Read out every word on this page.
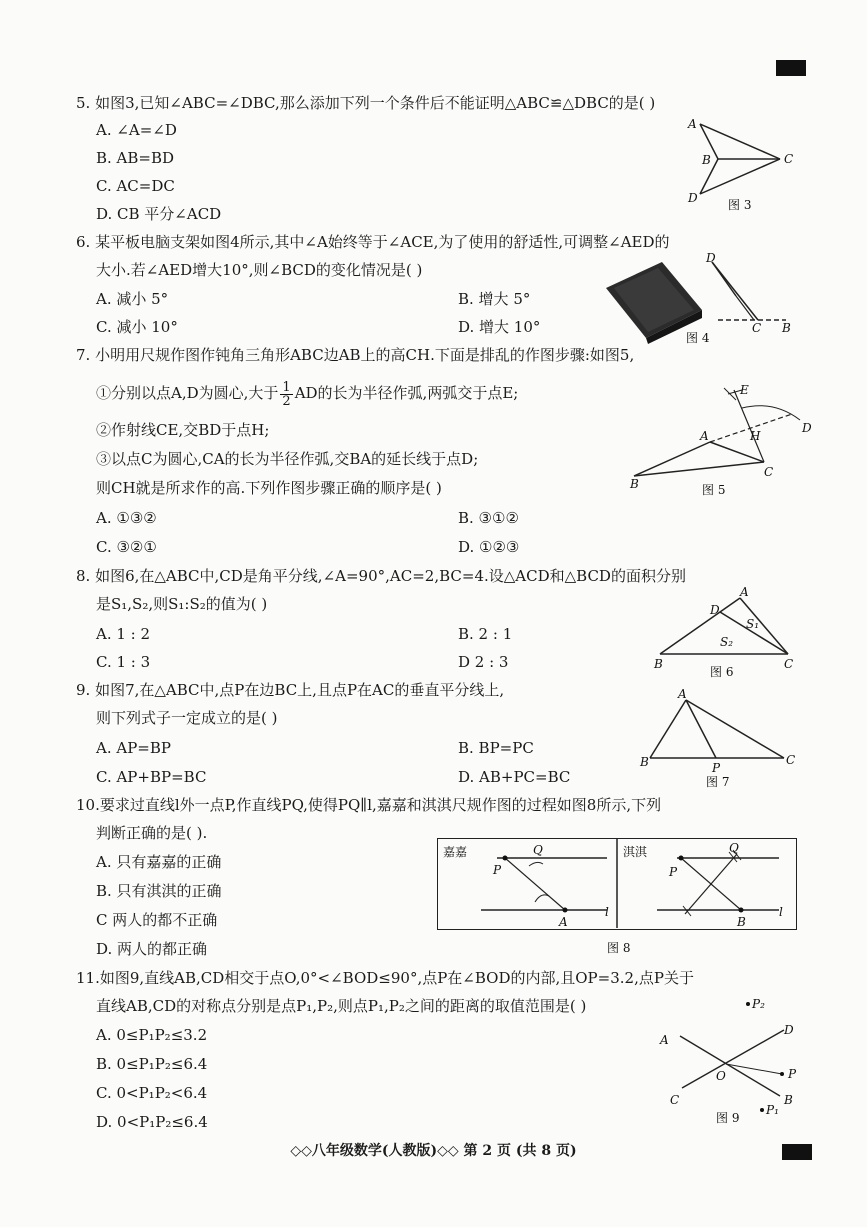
5. 如图3,已知∠ABC=∠DBC,那么添加下列一个条件后不能证明△ABC≌△DBC的是( )
A. ∠A=∠D
B. AB=BD
C. AC=DC
D. CB 平分∠ACD
A
B	C
D	图 3
6. 某平板电脑支架如图4所示,其中∠A始终等于∠ACE,为了使用的舒适性,可调整∠AED的
大小.若∠AED增大10°,则∠BCD的变化情况是( )
A. 减小 5°	B. 增大 5°
C. 减小 10°	D. 增大 10°
D
C B
图 4
7. 小明用尺规作图作钝角三角形ABC边AB上的高CH.下面是排乱的作图步骤:如图5,
①分别以点A,D为圆心,大于 $\frac{1}{2}$ AD的长为半径作弧,两弧交于点E;
②作射线CE,交BD于点H;
③以点C为圆心,CA的长为半径作弧,交BA的延长线于点D;
则CH就是所求作的高.下列作图步骤正确的顺序是( )
A. ①③②	B. ③①②
C. ③②①	D. ①②③
E
A	H
D
B
C
图 5
8. 如图6,在△ABC中,CD是角平分线,∠A=90°,AC=2,BC=4.设△ACD和△BCD的面积分别
是S₁,S₂,则S₁:S₂的值为( )
A. 1 : 2	B. 2 : 1
C. 1 : 3	D 2 : 3
A
D
S₁
S₂
B	C
图 6
9. 如图7,在△ABC中,点P在边BC上,且点P在AC的垂直平分线上,
则下列式子一定成立的是( )
A. AP=BP	B. BP=PC
C. AP+BP=BC	D. AB+PC=BC
A
B	P
C
图 7
10.要求过直线l外一点P,作直线PQ,使得PQ∥l,嘉嘉和淇淇尺规作图的过程如图8所示,下列
判断正确的是( ).
A. 只有嘉嘉的正确
B. 只有淇淇的正确
C 两人的都不正确
D. 两人的都正确
嘉嘉	Q
P
A
l
淇淇	Q
P
B
l
图 8
11.如图9,直线AB,CD相交于点O,0°<∠BOD≤90°,点P在∠BOD的内部,且OP=3.2,点P关于
直线AB,CD的对称点分别是点P₁,P₂,则点P₁,P₂之间的距离的取值范围是( )
A. 0≤P₁P₂≤3.2
B. 0≤P₁P₂≤6.4
C. 0<P₁P₂<6.4
D. 0<P₁P₂≤6.4
P₂
D
A
O	P
C	B
P₁
图 9
◇◇八年级数学(人教版)◇◇ 第 2 页 (共 8 页)
